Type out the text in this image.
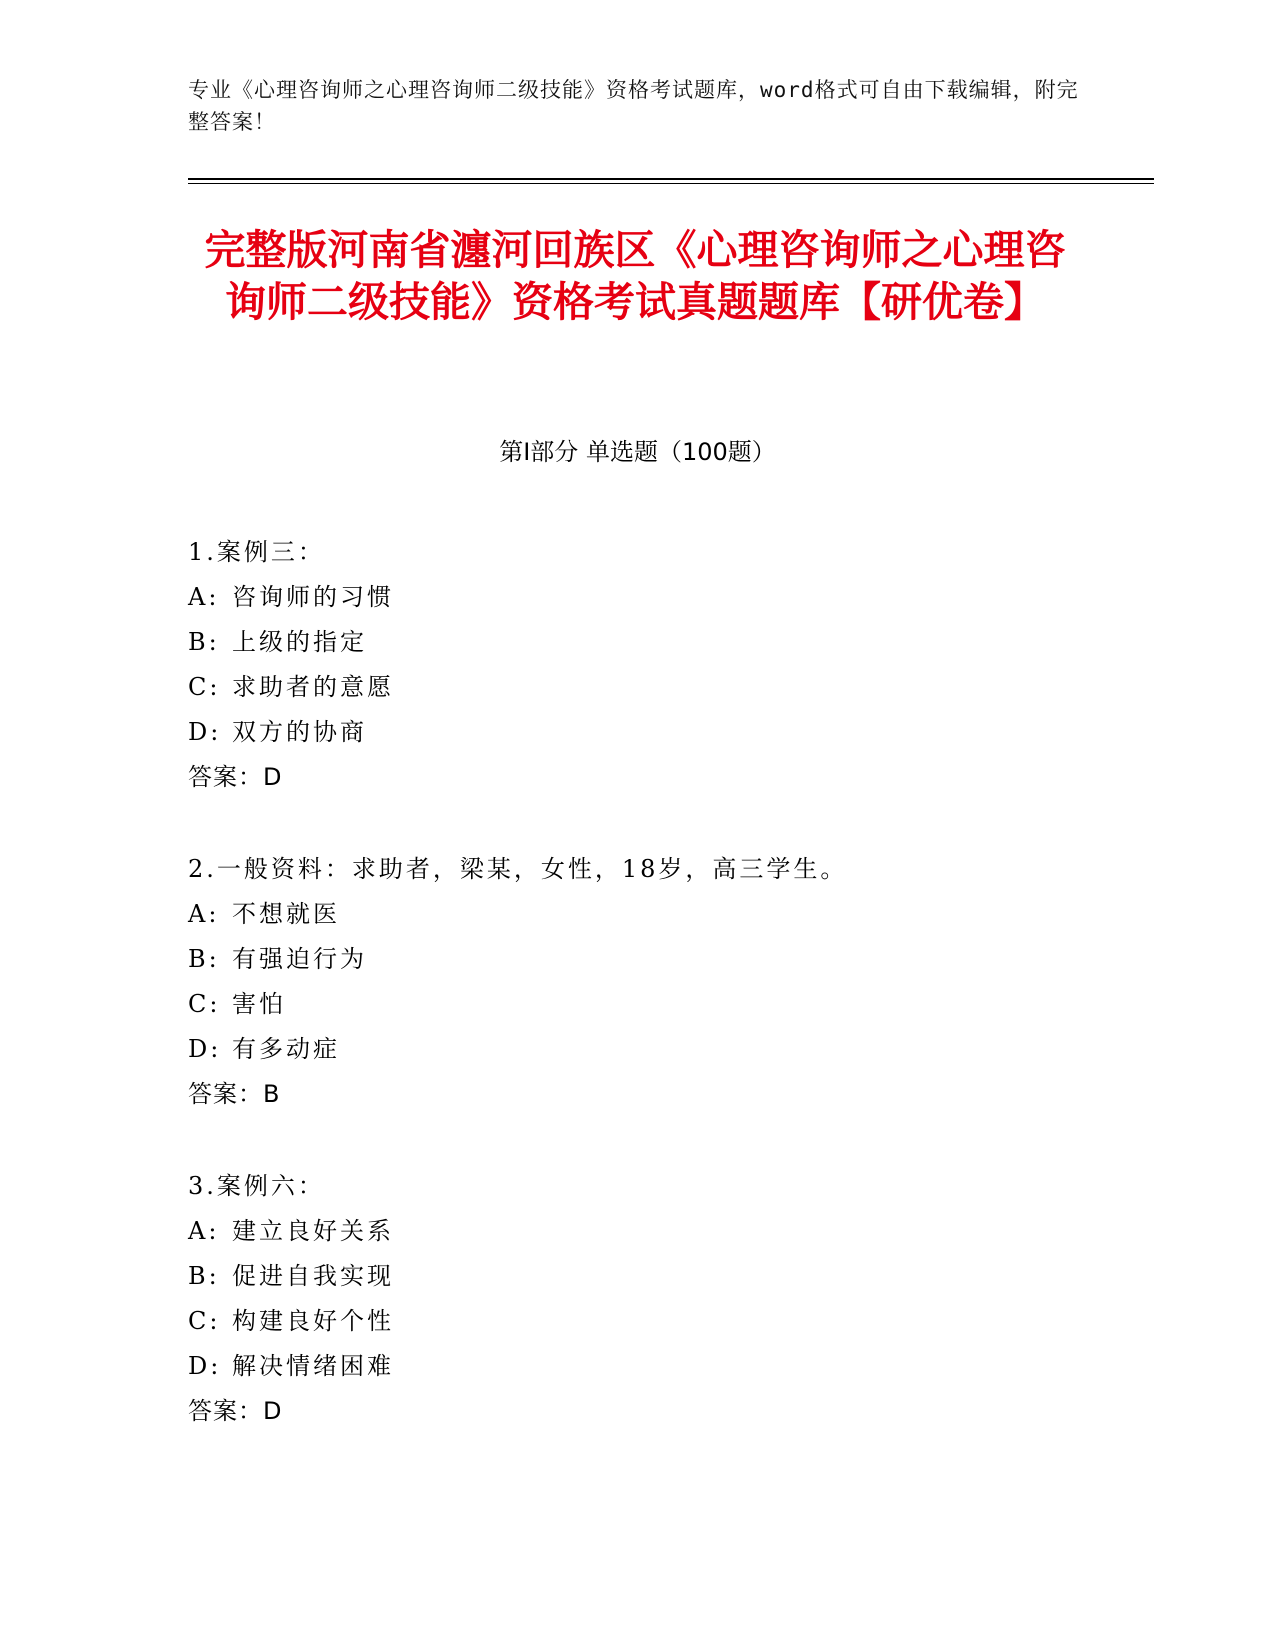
专业《心理咨询师之心理咨询师二级技能》资格考试题库，word格式可自由下载编辑，附完整答案！
完整版河南省瀍河回族区《心理咨询师之心理咨询师二级技能》资格考试真题题库【研优卷】
第Ⅰ部分 单选题（100题）
1.案例三：
A: 咨询师的习惯
B: 上级的指定
C: 求助者的意愿
D: 双方的协商
答案：D
2.一般资料：求助者，梁某，女性，18岁，高三学生。
A: 不想就医
B: 有强迫行为
C: 害怕
D: 有多动症
答案：B
3.案例六：
A: 建立良好关系
B: 促进自我实现
C: 构建良好个性
D: 解决情绪困难
答案：D
